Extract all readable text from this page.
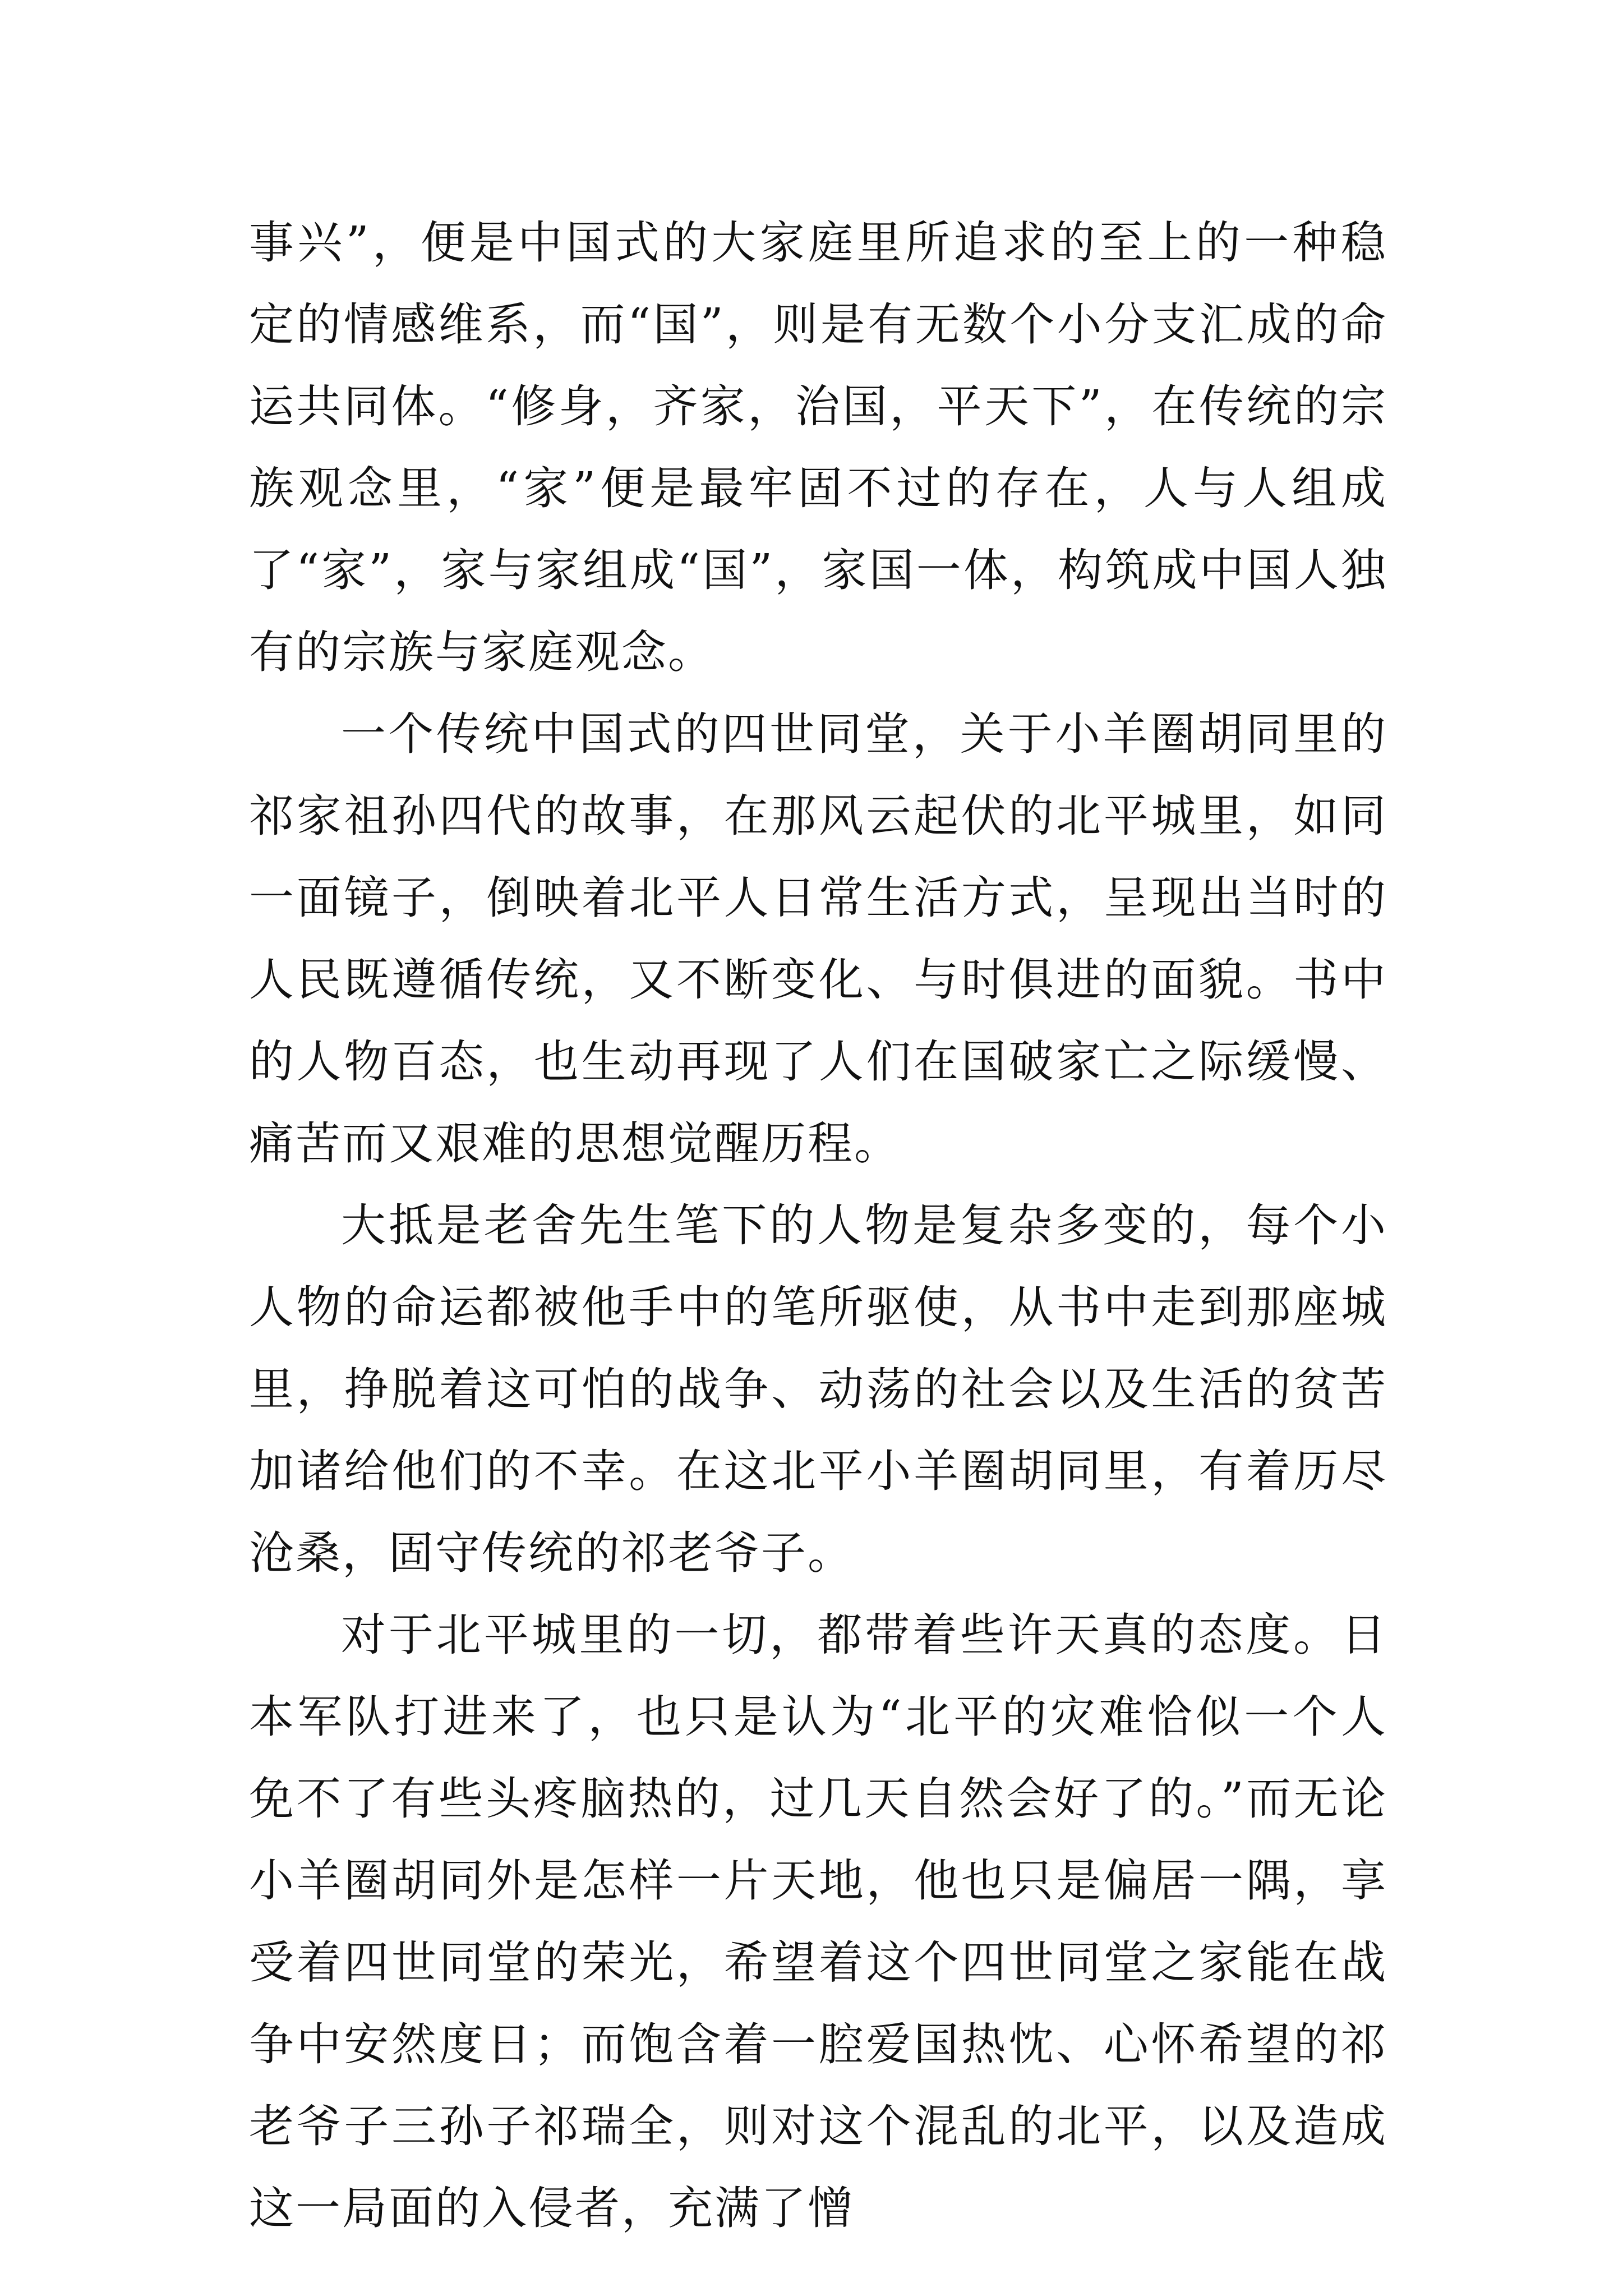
事兴”，便是中国式的大家庭里所追求的至上的一种稳定的情感维系，而“国”，则是有无数个小分支汇成的命运共同体。“修身，齐家，治国，平天下”，在传统的宗族观念里，“家”便是最牢固不过的存在，人与人组成了“家”，家与家组成“国”，家国一体，构筑成中国人独有的宗族与家庭观念。

一个传统中国式的四世同堂，关于小羊圈胡同里的祁家祖孙四代的故事，在那风云起伏的北平城里，如同一面镜子，倒映着北平人日常生活方式，呈现出当时的人民既遵循传统，又不断变化、与时俱进的面貌。书中的人物百态，也生动再现了人们在国破家亡之际缓慢、痛苦而又艰难的思想觉醒历程。

大抵是老舍先生笔下的人物是复杂多变的，每个小人物的命运都被他手中的笔所驱使，从书中走到那座城里，挣脱着这可怕的战争、动荡的社会以及生活的贫苦加诸给他们的不幸。在这北平小羊圈胡同里，有着历尽沧桑，固守传统的祁老爷子。

对于北平城里的一切，都带着些许天真的态度。日本军队打进来了，也只是认为“北平的灾难恰似一个人免不了有些头疼脑热的，过几天自然会好了的。”而无论小羊圈胡同外是怎样一片天地，他也只是偏居一隅，享受着四世同堂的荣光，希望着这个四世同堂之家能在战争中安然度日；而饱含着一腔爱国热忱、心怀希望的祁老爷子三孙子祁瑞全，则对这个混乱的北平，以及造成这一局面的入侵者，充满了憎
